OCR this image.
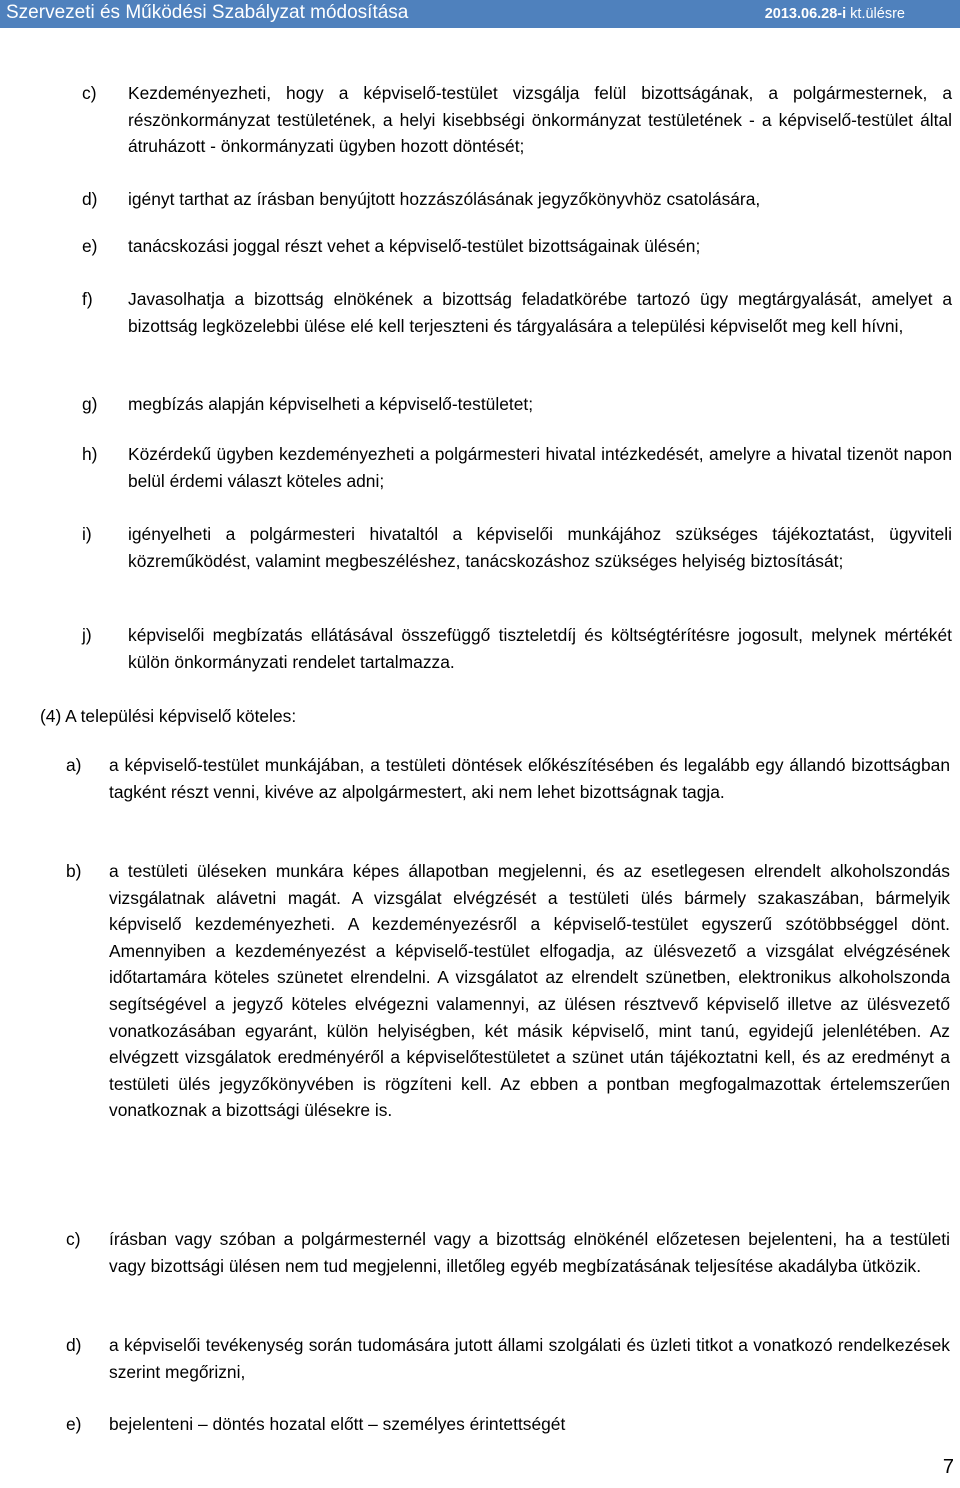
Szervezeti és Működési Szabályzat módosítása	2013.06.28-i kt.ülésre
c) Kezdeményezheti, hogy a képviselő-testület vizsgálja felül bizottságának, a polgármesternek, a részönkormányzat testületének, a helyi kisebbségi önkormányzat testületének - a képviselő-testület által átruházott - önkormányzati ügyben hozott döntését;
d) igényt tarthat az írásban benyújtott hozzászólásának jegyzőkönyvhöz csatolására,
e) tanácskozási joggal részt vehet a képviselő-testület bizottságainak ülésén;
f) Javasolhatja a bizottság elnökének a bizottság feladatkörébe tartozó ügy megtárgyalását, amelyet a bizottság legközelebbi ülése elé kell terjeszteni és tárgyalására a települési képviselőt meg kell hívni,
g) megbízás alapján képviselheti a képviselő-testületet;
h) Közérdekű ügyben kezdeményezheti a polgármesteri hivatal intézkedését, amelyre a hivatal tizenöt napon belül érdemi választ köteles adni;
i) igényelheti a polgármesteri hivataltól a képviselői munkájához szükséges tájékoztatást, ügyviteli közreműködést, valamint megbeszéléshez, tanácskozáshoz szükséges helyiség biztosítását;
j) képviselői megbízatás ellátásával összefüggő tiszteletdíj és költségtérítésre jogosult, melynek mértékét külön önkormányzati rendelet tartalmazza.
(4) A települési képviselő köteles:
a) a képviselő-testület munkájában, a testületi döntések előkészítésében és legalább egy állandó bizottságban tagként részt venni, kivéve az alpolgármestert, aki nem lehet bizottságnak tagja.
b) a testületi üléseken munkára képes állapotban megjelenni, és az esetlegesen elrendelt alkoholszondás vizsgálatnak alávetni magát. A vizsgálat elvégzését a testületi ülés bármely szakaszában, bármelyik képviselő kezdeményezheti. A kezdeményezésről a képviselő-testület egyszerű szótöbbséggel dönt. Amennyiben a kezdeményezést a képviselő-testület elfogadja, az ülésvezető a vizsgálat elvégzésének időtartamára köteles szünetet elrendelni. A vizsgálatot az elrendelt szünetben, elektronikus alkoholszonda segítségével a jegyző köteles elvégezni valamennyi, az ülésen résztvevő képviselő illetve az ülésvezető vonatkozásában egyaránt, külön helyiségben, két másik képviselő, mint tanú, egyidejű jelenlétében. Az elvégzett vizsgálatok eredményéről a képviselőtestületet a szünet után tájékoztatni kell, és az eredményt a testületi ülés jegyzőkönyvében is rögzíteni kell. Az ebben a pontban megfogalmazottak értelemszerűen vonatkoznak a bizottsági ülésekre is.
c) írásban vagy szóban a polgármesternél vagy a bizottság elnökénél előzetesen bejelenteni, ha a testületi vagy bizottsági ülésen nem tud megjelenni, illetőleg egyéb megbízatásának teljesítése akadályba ütközik.
d) a képviselői tevékenység során tudomására jutott állami szolgálati és üzleti titkot a vonatkozó rendelkezések szerint megőrizni,
e) bejelenteni – döntés hozatal előtt – személyes érintettségét
7
